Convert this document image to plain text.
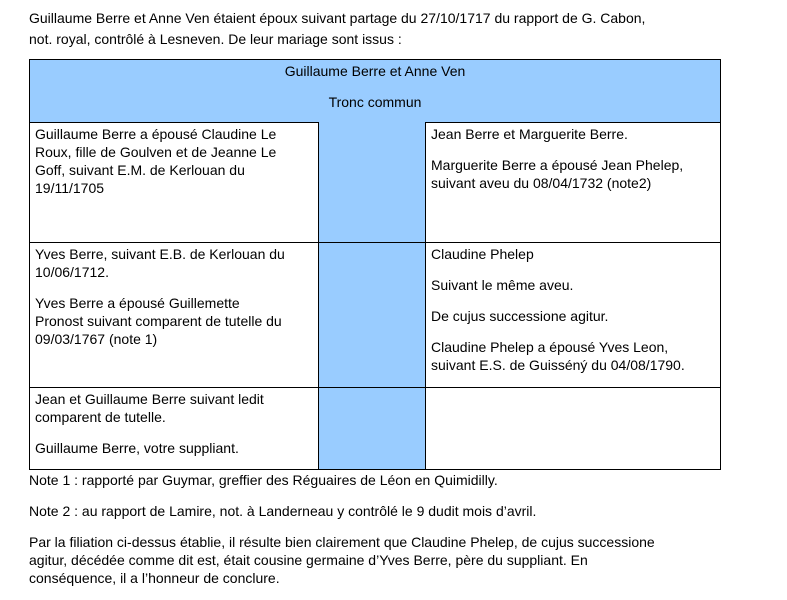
Guillaume Berre et Anne Ven étaient époux suivant partage du 27/10/1717 du rapport de G. Cabon,

not. royal, contrôlé à Lesneven. De leur mariage sont issus :

Guillaume Berre et Anne Ven
Tronc commun

Guillaume Berre a épousé Claudine Le
Roux, fille de Goulven et de Jeanne Le
Goff, suivant E.M. de Kerlouan du
19/11/1705

Yves Berre, suivant E.B. de Kerlouan du
10/06/1712.

Yves Berre a épousé Guillemette
Pronost suivant comparent de tutelle du
09/03/1767 (note 1)

Jean et Guillaume Berre suivant ledit
comparent de tutelle.

Guillaume Berre, votre suppliant.

Jean Berre et Marguerite Berre.

Marguerite Berre a épousé Jean Phelep,
suivant aveu du 08/04/1732 (note2)

Claudine Phelep

Suivant le même aveu.

De cujus successione agitur.

Claudine Phelep a épousé Yves Leon,
suivant E.S. de Guisséný du 04/08/1790.

Note 1 : rapporté par Guymar, greffier des Réguaires de Léon en Quimidilly.

Note 2 : au rapport de Lamire, not. à Landerneau y contrôlé le 9 dudit mois d’avril.

Par la filiation ci-dessus établie, il résulte bien clairement que Claudine Phelep, de cujus successione
agitur, décédée comme dit est, était cousine germaine d’Yves Berre, père du suppliant. En
conséquence, il a l’honneur de conclure.
